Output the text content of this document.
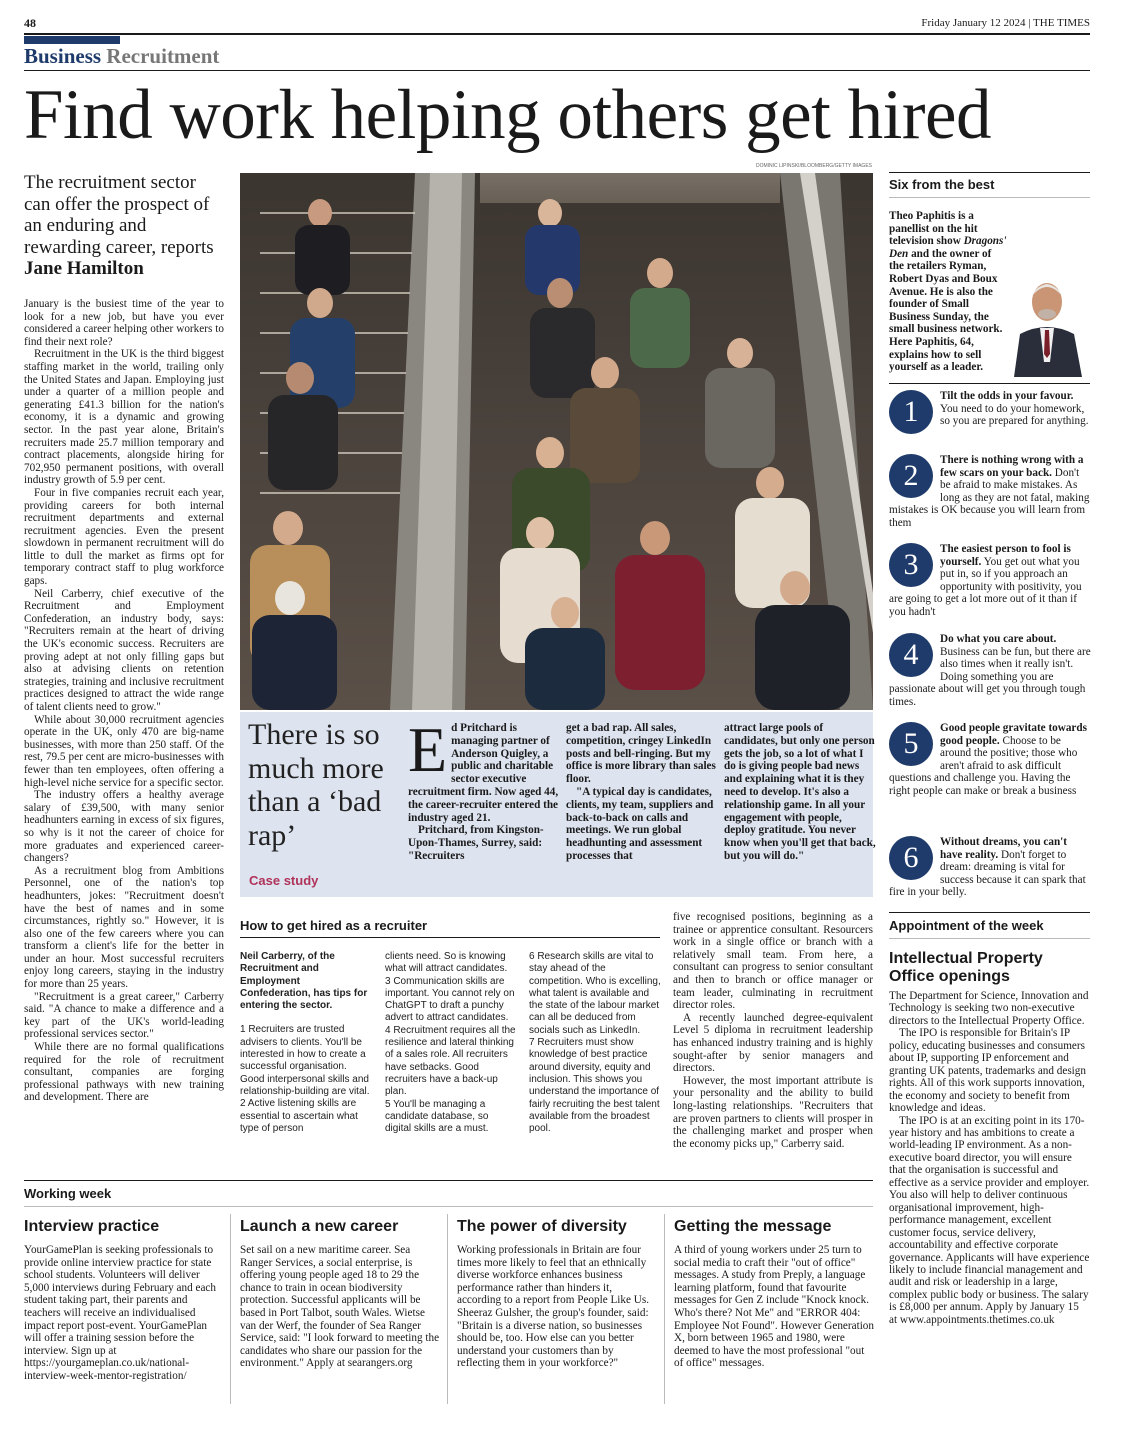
48	Friday January 12 2024 | THE TIMES
Business Recruitment
Find work helping others get hired
The recruitment sector can offer the prospect of an enduring and rewarding career, reports Jane Hamilton

January is the busiest time of the year to look for a new job, but have you ever considered a career helping other workers to find their next role?

Recruitment in the UK is the third biggest staffing market in the world, trailing only the United States and Japan. Employing just under a quarter of a million people and generating £41.3 billion for the nation's economy, it is a dynamic and growing sector. In the past year alone, Britain's recruiters made 25.7 million temporary and contract placements, alongside hiring for 702,950 permanent positions, with overall industry growth of 5.9 per cent.

Four in five companies recruit each year, providing careers for both internal recruitment departments and external recruitment agencies. Even the present slowdown in permanent recruitment will do little to dull the market as firms opt for temporary contract staff to plug workforce gaps.

Neil Carberry, chief executive of the Recruitment and Employment Confederation, an industry body, says: "Recruiters remain at the heart of driving the UK's economic success. Recruiters are proving adept at not only filling gaps but also at advising clients on retention strategies, training and inclusive recruitment practices designed to attract the wide range of talent clients need to grow."

While about 30,000 recruitment agencies operate in the UK, only 470 are big-name businesses, with more than 250 staff. Of the rest, 79.5 per cent are micro-businesses with fewer than ten employees, often offering a high-level niche service for a specific sector.

The industry offers a healthy average salary of £39,500, with many senior headhunters earning in excess of six figures, so why is it not the career of choice for more graduates and experienced career-changers?

As a recruitment blog from Ambitions Personnel, one of the nation's top headhunters, jokes: "Recruitment doesn't have the best of names and in some circumstances, rightly so." However, it is also one of the few careers where you can transform a client's life for the better in under an hour. Most successful recruiters enjoy long careers, staying in the industry for more than 25 years.

"Recruitment is a great career," Carberry said. "A chance to make a difference and a key part of the UK's world-leading professional services sector."

While there are no formal qualifications required for the role of recruitment consultant, companies are forging professional pathways with new training and development. There are

DOMINIC LIPINSKI/BLOOMBERG/GETTY IMAGES
There is so much more than a ‘bad rap’
Case study
E d Pritchard is managing partner of Anderson Quigley, a public and charitable sector executive recruitment firm. Now aged 44, the career-recruiter entered the industry aged 21.

Pritchard, from Kingston-Upon-Thames, Surrey, said: "Recruiters

get a bad rap. All sales, competition, cringey LinkedIn posts and bell-ringing. But my office is more library than sales floor.

"A typical day is candidates, clients, my team, suppliers and back-to-back on calls and meetings. We run global headhunting and assessment processes that

attract large pools of candidates, but only one person gets the job, so a lot of what I do is giving people bad news and explaining what it is they need to develop. It's also a relationship game. In all your engagement with people, deploy gratitude. You never know when you'll get that back, but you will do."

How to get hired as a recruiter

Neil Carberry, of the Recruitment and Employment Confederation, has tips for entering the sector.

1 Recruiters are trusted advisers to clients. You'll be interested in how to create a successful organisation. Good interpersonal skills and relationship-building are vital.

2 Active listening skills are essential to ascertain what type of person

clients need. So is knowing what will attract candidates.

3 Communication skills are important. You cannot rely on ChatGPT to draft a punchy advert to attract candidates.

4 Recruitment requires all the resilience and lateral thinking of a sales role. All recruiters have setbacks. Good recruiters have a back-up plan.

5 You'll be managing a candidate database, so digital skills are a must.

6 Research skills are vital to stay ahead of the competition. Who is excelling, what talent is available and the state of the labour market can all be deduced from socials such as LinkedIn.

7 Recruiters must show knowledge of best practice around diversity, equity and inclusion. This shows you understand the importance of fairly recruiting the best talent available from the broadest pool.

five recognised positions, beginning as a trainee or apprentice consultant. Resourcers work in a single office or branch with a relatively small team. From here, a consultant can progress to senior consultant and then to branch or office manager or team leader, culminating in recruitment director roles.

A recently launched degree-equivalent Level 5 diploma in recruitment leadership has enhanced industry training and is highly sought-after by senior managers and directors.

However, the most important attribute is your personality and the ability to build long-lasting relationships. "Recruiters that are proven partners to clients will prosper in the challenging market and prosper when the economy picks up," Carberry said.

Working week
Interview practice
YourGamePlan is seeking professionals to provide online interview practice for state school students. Volunteers will deliver 5,000 interviews during February and each student taking part, their parents and teachers will receive an individualised impact report post-event. YourGamePlan will offer a training session before the interview. Sign up at https://yourgameplan.co.uk/national-interview-week-mentor-registration/
Launch a new career
Set sail on a new maritime career. Sea Ranger Services, a social enterprise, is offering young people aged 18 to 29 the chance to train in ocean biodiversity protection. Successful applicants will be based in Port Talbot, south Wales. Wietse van der Werf, the founder of Sea Ranger Service, said: "I look forward to meeting the candidates who share our passion for the environment." Apply at searangers.org
The power of diversity
Working professionals in Britain are four times more likely to feel that an ethnically diverse workforce enhances business performance rather than hinders it, according to a report from People Like Us. Sheeraz Gulsher, the group's founder, said: "Britain is a diverse nation, so businesses should be, too. How else can you better understand your customers than by reflecting them in your workforce?"
Getting the message
A third of young workers under 25 turn to social media to craft their "out of office" messages. A study from Preply, a language learning platform, found that favourite messages for Gen Z include "Knock knock. Who's there? Not Me" and "ERROR 404: Employee Not Found". However Generation X, born between 1965 and 1980, were deemed to have the most professional "out of office" messages.
Six from the best
Theo Paphitis is a panellist on the hit television show Dragons' Den and the owner of the retailers Ryman, Robert Dyas and Boux Avenue. He is also the founder of Small Business Sunday, the small business network. Here Paphitis, 64, explains how to sell yourself as a leader.
1	Tilt the odds in your favour. You need to do your homework, so you are prepared for anything.
2	There is nothing wrong with a few scars on your back. Don't be afraid to make mistakes. As long as they are not fatal, making mistakes is OK because you will learn from them
3	The easiest person to fool is yourself. You get out what you put in, so if you approach an opportunity with positivity, you are going to get a lot more out of it than if you hadn't
4	Do what you care about. Business can be fun, but there are also times when it really isn't. Doing something you are passionate about will get you through tough times.
5	Good people gravitate towards good people. Choose to be around the positive; those who aren't afraid to ask difficult questions and challenge you. Having the right people can make or break a business
6	Without dreams, you can't have reality. Don't forget to dream: dreaming is vital for success because it can spark that fire in your belly.
Appointment of the week
Intellectual Property Office openings

The Department for Science, Innovation and Technology is seeking two non-executive directors to the Intellectual Property Office.

The IPO is responsible for Britain's IP policy, educating businesses and consumers about IP, supporting IP enforcement and granting UK patents, trademarks and design rights. All of this work supports innovation, the economy and society to benefit from knowledge and ideas.

The IPO is at an exciting point in its 170-year history and has ambitions to create a world-leading IP environment. As a non-executive board director, you will ensure that the organisation is successful and effective as a service provider and employer. You also will help to deliver continuous organisational improvement, high-performance management, excellent customer focus, service delivery, accountability and effective corporate governance. Applicants will have experience likely to include financial management and audit and risk or leadership in a large, complex public body or business. The salary is £8,000 per annum. Apply by January 15

at www.appointments.thetimes.co.uk
